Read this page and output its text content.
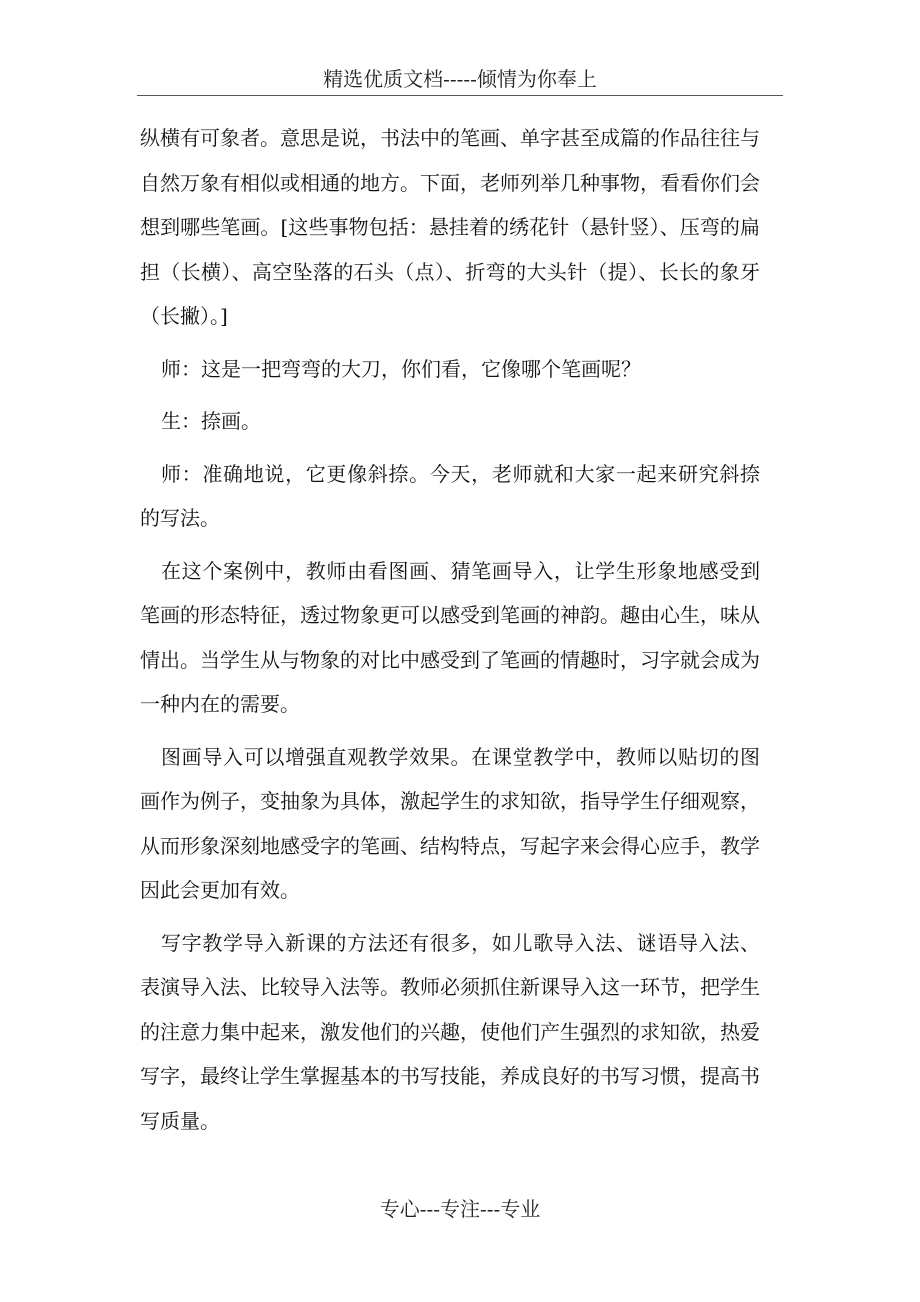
精选优质文档-----倾情为你奉上

纵横有可象者。意思是说，书法中的笔画、单字甚至成篇的作品往往与自然万象有相似或相通的地方。下面，老师列举几种事物，看看你们会想到哪些笔画。[这些事物包括：悬挂着的绣花针（悬针竖）、压弯的扁担（长横）、高空坠落的石头（点）、折弯的大头针（提）、长长的象牙（长撇）。]

师：这是一把弯弯的大刀，你们看，它像哪个笔画呢？

生：捺画。

师：准确地说，它更像斜捺。今天，老师就和大家一起来研究斜捺的写法。

在这个案例中，教师由看图画、猜笔画导入，让学生形象地感受到笔画的形态特征，透过物象更可以感受到笔画的神韵。趣由心生，味从情出。当学生从与物象的对比中感受到了笔画的情趣时，习字就会成为一种内在的需要。

图画导入可以增强直观教学效果。在课堂教学中，教师以贴切的图画作为例子，变抽象为具体，激起学生的求知欲，指导学生仔细观察，从而形象深刻地感受字的笔画、结构特点，写起字来会得心应手，教学因此会更加有效。

写字教学导入新课的方法还有很多，如儿歌导入法、谜语导入法、表演导入法、比较导入法等。教师必须抓住新课导入这一环节，把学生的注意力集中起来，激发他们的兴趣，使他们产生强烈的求知欲，热爱写字，最终让学生掌握基本的书写技能，养成良好的书写习惯，提高书写质量。

专心---专注---专业
